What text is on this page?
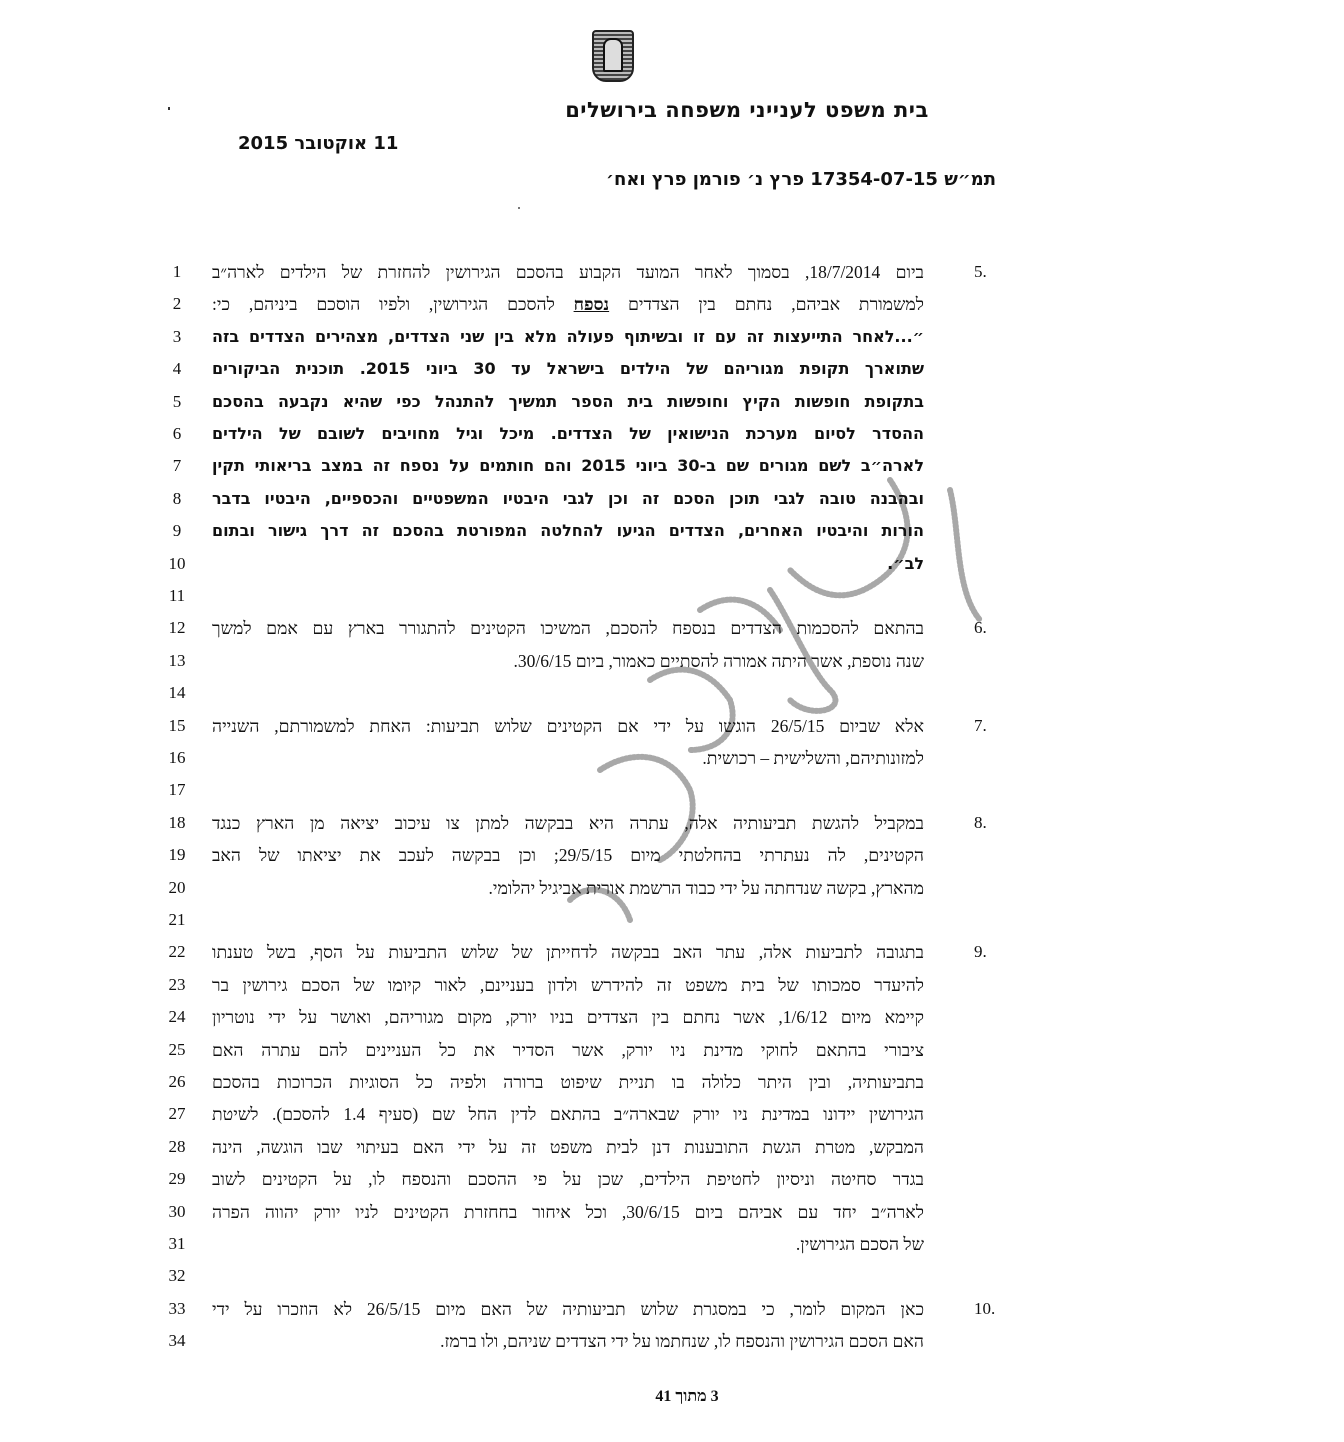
בית משפט לענייני משפחה בירושלים
11 אוקטובר 2015
תמ״ש 17354-07-15 פרץ נ׳ פורמן פרץ ואח׳
1	5.
ביום 18/7/2014, בסמוך לאחר המועד הקבוע בהסכם הגירושין להחזרת של הילדים לארה״ב
2	למשמורת אביהם, נחתם בין הצדדים נספח להסכם הגירושין, ולפיו הוסכם ביניהם, כי:
3	״...לאחר התייעצות זה עם זו ובשיתוף פעולה מלא בין שני הצדדים, מצהירים הצדדים בזה
4	שתוארך תקופת מגוריהם של הילדים בישראל עד 30 ביוני 2015. תוכנית הביקורים
5	בתקופת חופשות הקיץ וחופשות בית הספר תמשיך להתנהל כפי שהיא נקבעה בהסכם
6	ההסדר לסיום מערכת הנישואין של הצדדים. מיכל וגיל מחויבים לשובם של הילדים
7	לארה״ב לשם מגורים שם ב-30 ביוני 2015 והם חותמים על נספח זה במצב בריאותי תקין
8	ובהבנה טובה לגבי תוכן הסכם זה וכן לגבי היבטיו המשפטיים והכספיים, היבטיו בדבר
9	הורות והיבטיו האחרים, הצדדים הגיעו להחלטה המפורטת בהסכם זה דרך גישור ובתום
10	לב״.
11
12	6.
בהתאם להסכמות הצדדים בנספח להסכם, המשיכו הקטינים להתגורר בארץ עם אמם למשך
13	שנה נוספת, אשר היתה אמורה להסתיים כאמור, ביום 30/6/15.
14
15	7.
אלא שביום 26/5/15 הוגשו על ידי אם הקטינים שלוש תביעות: האחת למשמורתם, השנייה
16	למזונותיהם, והשלישית – רכושית.
17
18	8.
במקביל להגשת תביעותיה אלה, עתרה היא בבקשה למתן צו עיכוב יציאה מן הארץ כנגד
19	הקטינים, לה נעתרתי בהחלטתי מיום 29/5/15; וכן בבקשה לעכב את יציאתו של האב
20	מהארץ, בקשה שנדחתה על ידי כבוד הרשמת אורית אביגיל יהלומי.
21
22	9.
בתגובה לתביעות אלה, עתר האב בבקשה לדחייתן של שלוש התביעות על הסף, בשל טענתו
23	להיעדר סמכותו של בית משפט זה להידרש ולדון בעניינם, לאור קיומו של הסכם גירושין בר
24	קיימא מיום 1/6/12, אשר נחתם בין הצדדים בניו יורק, מקום מגוריהם, ואושר על ידי נוטריון
25	ציבורי בהתאם לחוקי מדינת ניו יורק, אשר הסדיר את כל העניינים להם עתרה האם
26	בתביעותיה, ובין היתר כלולה בו תניית שיפוט ברורה ולפיה כל הסוגיות הכרוכות בהסכם
27	הגירושין יידונו במדינת ניו יורק שבארה״ב בהתאם לדין החל שם (סעיף 1.4 להסכם). לשיטת
28	המבקש, מטרת הגשת התובענות דנן לבית משפט זה על ידי האם בעיתוי שבו הוגשה, הינה
29	בגדר סחיטה וניסיון לחטיפת הילדים, שכן על פי ההסכם והנספח לו, על הקטינים לשוב
30	לארה״ב יחד עם אביהם ביום 30/6/15, וכל איחור בחחזרת הקטינים לניו יורק יהווה הפרה
31	של הסכם הגירושין.
32
33	10.
כאן המקום לומר, כי במסגרת שלוש תביעותיה של האם מיום 26/5/15 לא הוזכרו על ידי
34	האם הסכם הגירושין והנספח לו, שנחתמו על ידי הצדדים שניהם, ולו ברמז.
3 מתוך 41
